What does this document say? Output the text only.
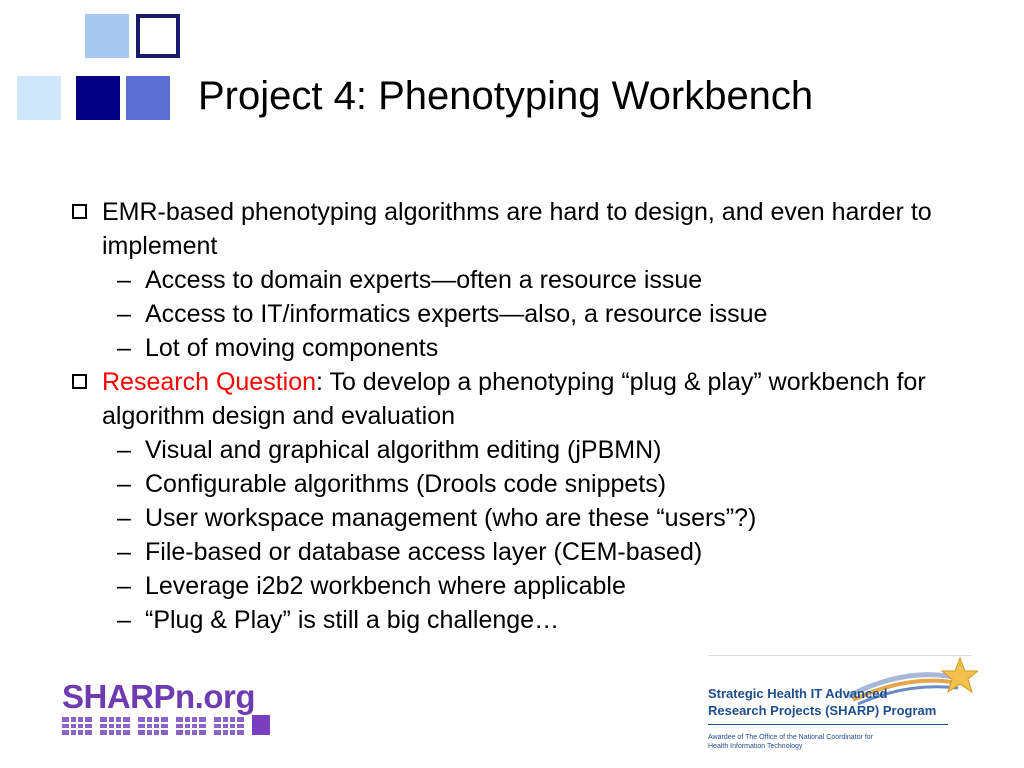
Project 4: Phenotyping Workbench
EMR-based phenotyping algorithms are hard to design, and even harder to implement
– Access to domain experts—often a resource issue
– Access to IT/informatics experts—also, a resource issue
– Lot of moving components
Research Question: To develop a phenotyping “plug & play” workbench for algorithm design and evaluation
– Visual and graphical algorithm editing (jPBMN)
– Configurable algorithms (Drools code snippets)
– User workspace management (who are these “users”?)
– File-based or database access layer (CEM-based)
– Leverage i2b2 workbench where applicable
– “Plug & Play” is still a big challenge…
SHARPn.org	Strategic Health IT Advanced
Research Projects (SHARP) Program
Awardee of The Office of the National Coordinator for
Health Information Technology
